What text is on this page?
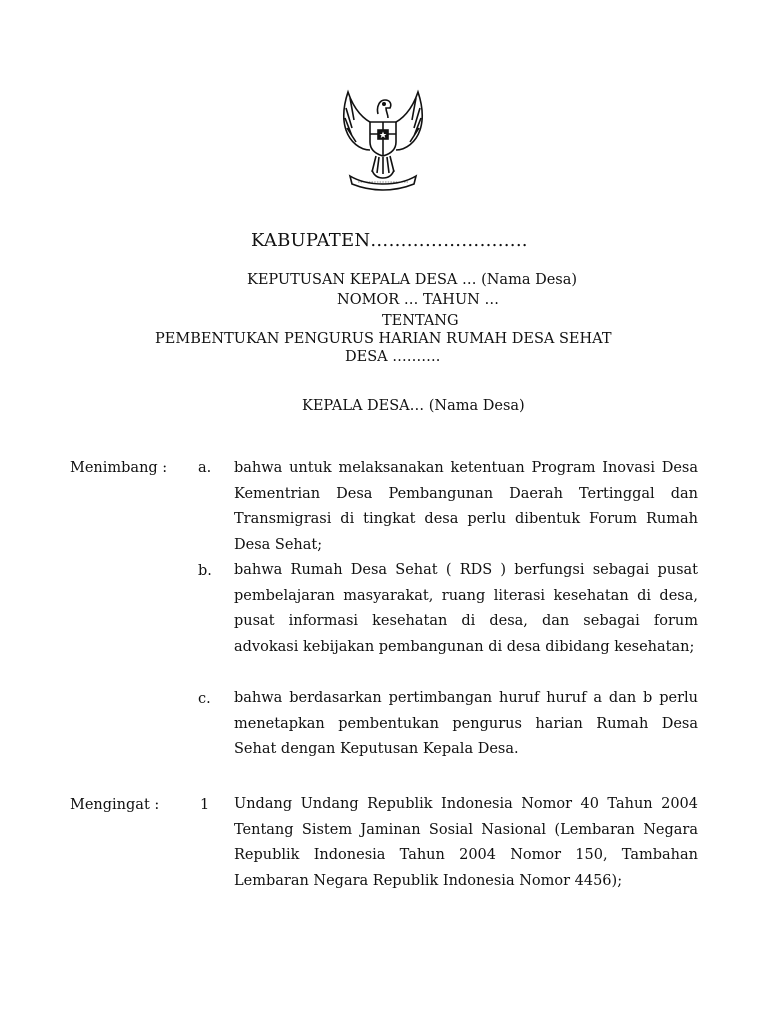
KABUPATEN……………………..
KEPUTUSAN KEPALA DESA … (Nama Desa)
NOMOR … TAHUN …
TENTANG
PEMBENTUKAN PENGURUS HARIAN RUMAH DESA SEHAT
DESA ……….
KEPALA DESA… (Nama Desa)
Menimbang : a. bahwa untuk melaksanakan ketentuan Program Inovasi Desa Kementrian Desa Pembangunan Daerah Tertinggal dan Transmigrasi di tingkat desa perlu dibentuk Forum Rumah Desa Sehat;
b. bahwa Rumah Desa Sehat ( RDS ) berfungsi sebagai pusat pembelajaran masyarakat, ruang literasi kesehatan di desa, pusat informasi kesehatan di desa, dan sebagai forum advokasi kebijakan pembangunan di desa dibidang kesehatan;
c. bahwa berdasarkan pertimbangan huruf huruf a dan b perlu menetapkan pembentukan pengurus harian Rumah Desa Sehat dengan Keputusan Kepala Desa.
Mengingat :	1 Undang Undang Republik Indonesia Nomor 40 Tahun 2004 Tentang Sistem Jaminan Sosial Nasional (Lembaran Negara Republik Indonesia Tahun 2004 Nomor 150, Tambahan Lembaran Negara Republik Indonesia Nomor 4456);
